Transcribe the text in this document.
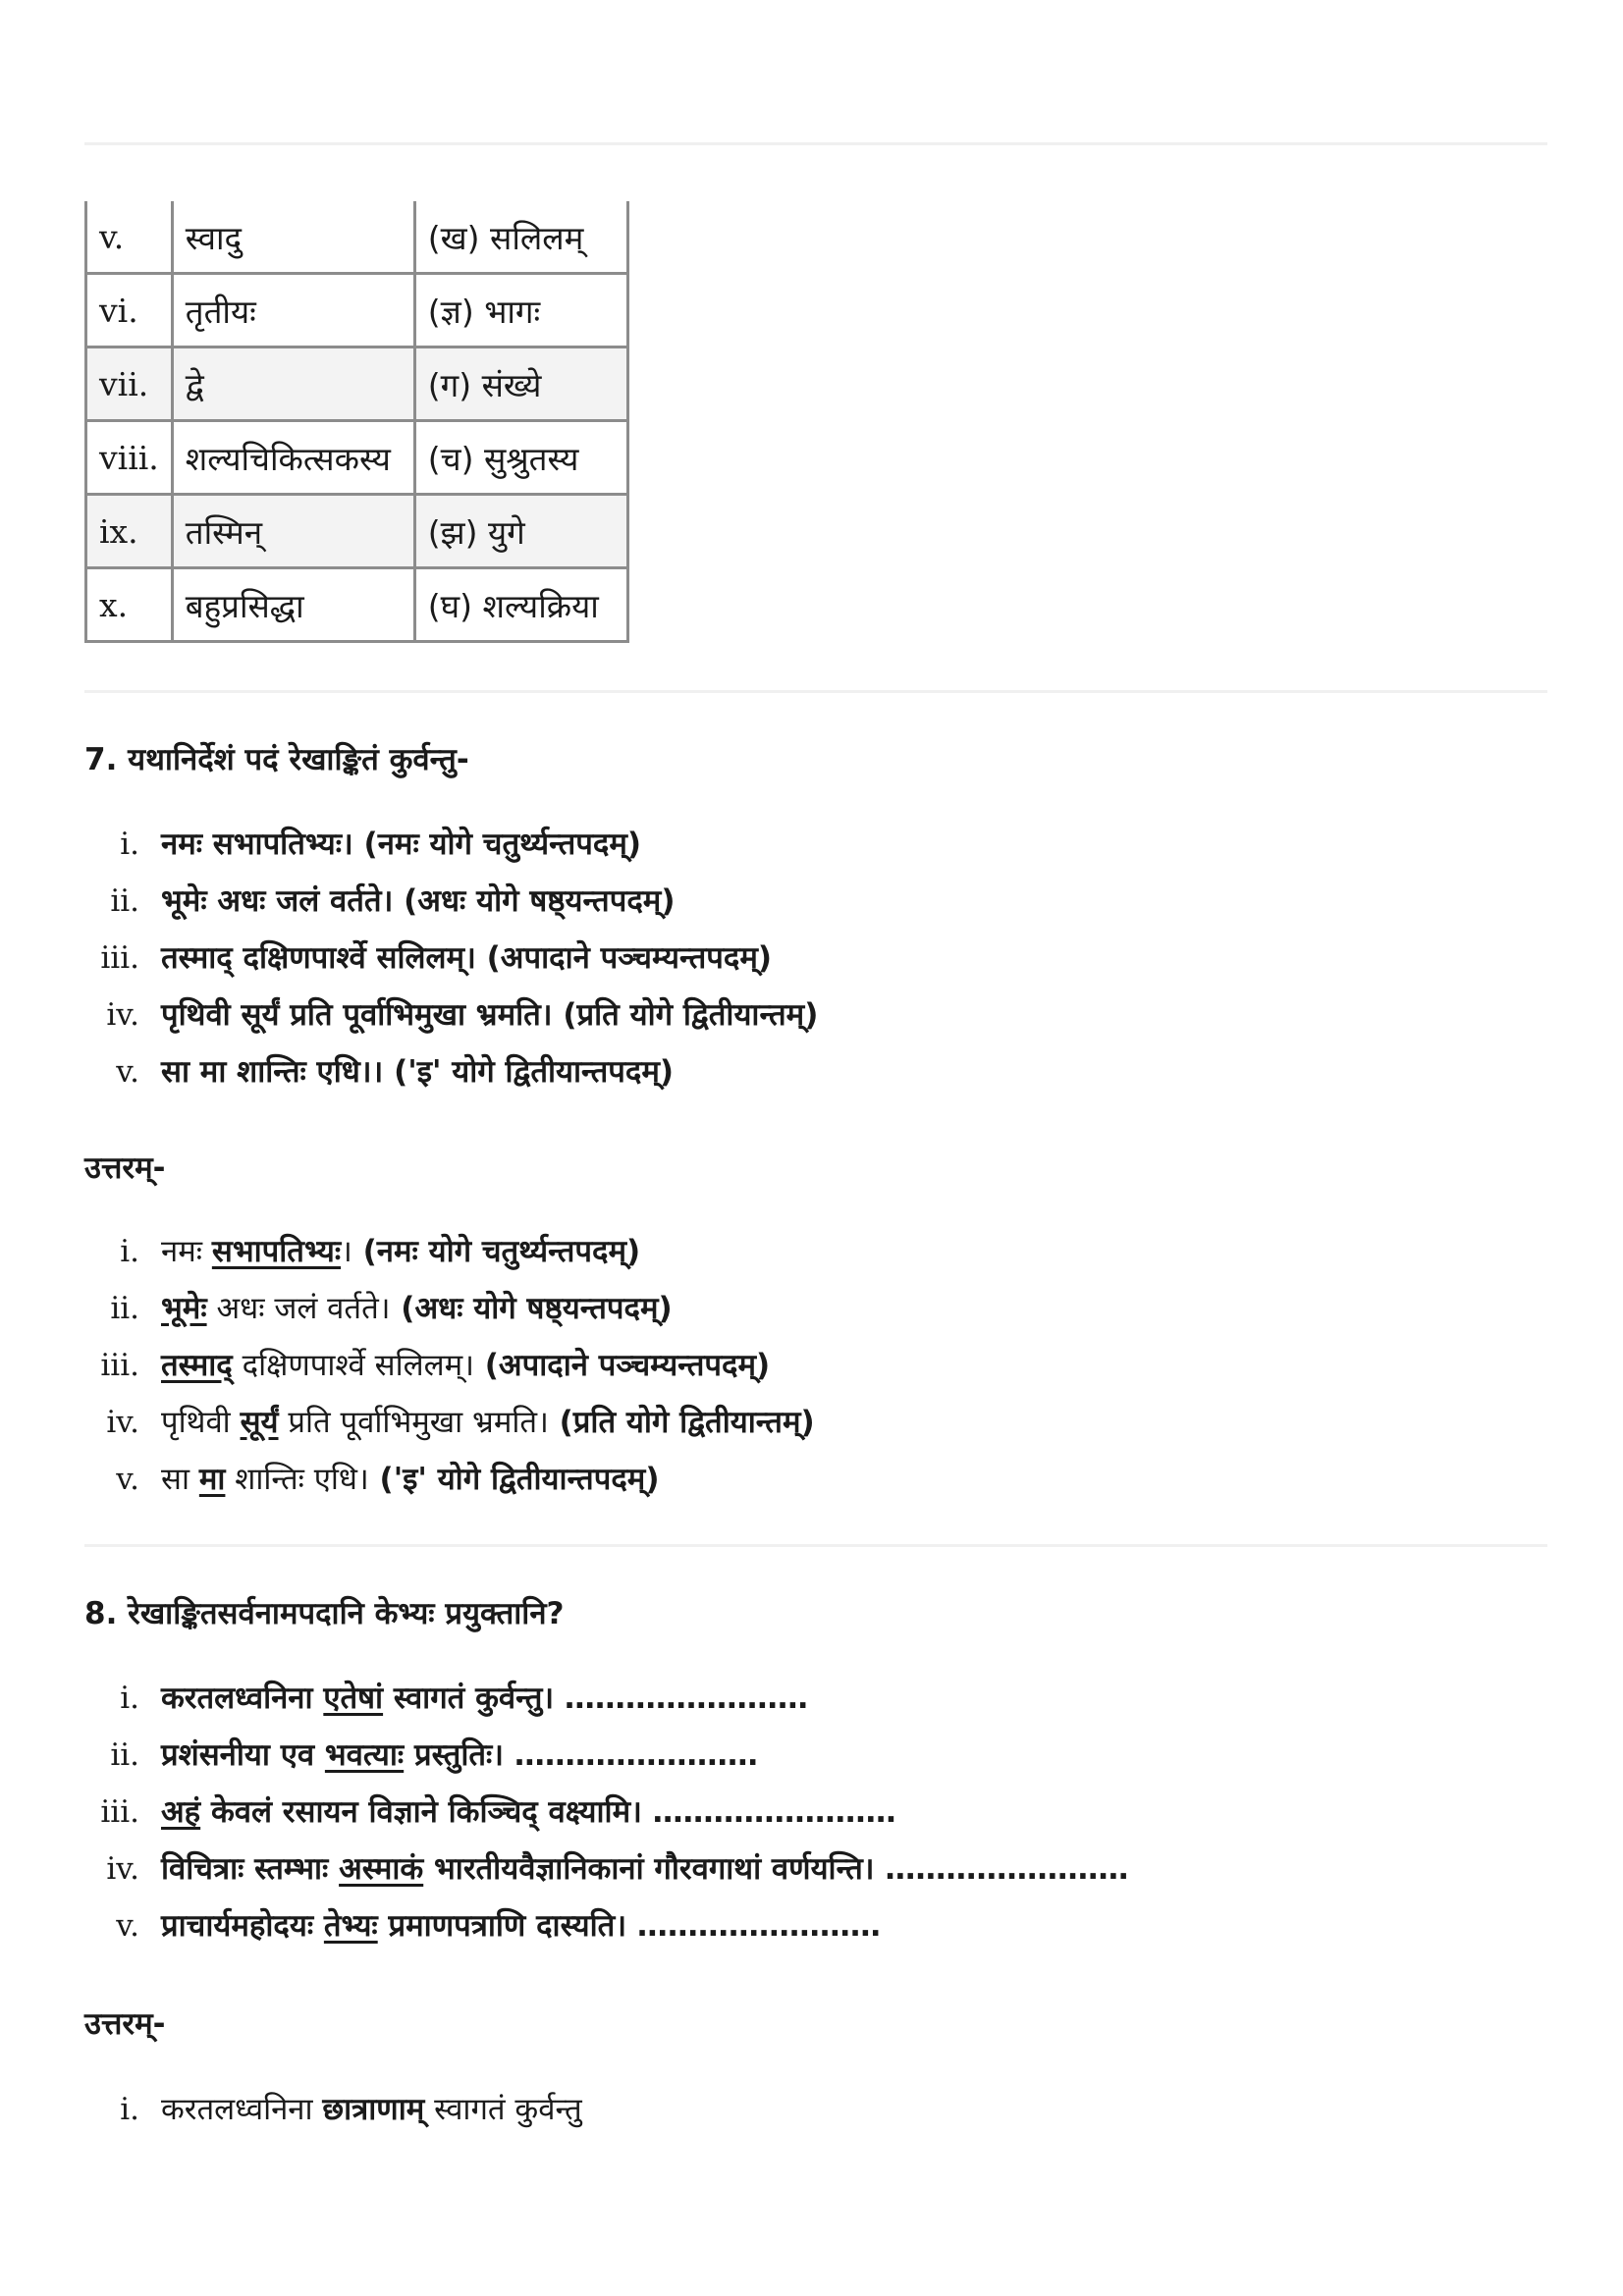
v.	स्वादु	(ख) सलिलम्
vi.	तृतीयः	(ज्ञ) भागः
vii.	द्वे	(ग) संख्ये
viii.	शल्यचिकित्सकस्य	(च) सुश्रुतस्य
ix.	तस्मिन्	(झ) युगे
x.	बहुप्रसिद्धा	(घ) शल्यक्रिया

7. यथानिर्देशं पदं रेखाङ्कितं कुर्वन्तु-

i. नमः सभापतिभ्यः। (नमः योगे चतुर्थ्यन्तपदम्)
ii. भूमेः अधः जलं वर्तते। (अधः योगे षष्ठ्यन्तपदम्)
iii. तस्माद् दक्षिणपार्श्वे सलिलम्। (अपादाने पञ्चम्यन्तपदम्)
iv. पृथिवी सूर्यं प्रति पूर्वाभिमुखा भ्रमति। (प्रति योगे द्वितीयान्तम्)
v. सा मा शान्तिः एधि।। ('इ' योगे द्वितीयान्तपदम्)

उत्तरम्-

i. नमः सभापतिभ्यः । (नमः योगे चतुर्थ्यन्तपदम्)
ii. भूमेः अधः जलं वर्तते। (अधः योगे षष्ठ्यन्तपदम्)
iii. तस्माद् दक्षिणपार्श्वे सलिलम्। (अपादाने पञ्चम्यन्तपदम्)
iv. पृथिवी सूर्यं प्रति पूर्वाभिमुखा भ्रमति। (प्रति योगे द्वितीयान्तम्)
v. सा मा शान्तिः एधि। ('इ' योगे द्वितीयान्तपदम्)

8. रेखाङ्कितसर्वनामपदानि केभ्यः प्रयुक्तानि?

i. करतलध्वनिना एतेषां स्वागतं कुर्वन्तु। ……………………
ii. प्रशंसनीया एव भवत्याः प्रस्तुतिः। ……………………
iii. अहं केवलं रसायन विज्ञाने किञ्चिद् वक्ष्यामि। ……………………
iv. विचित्राः स्तम्भाः अस्माकं भारतीयवैज्ञानिकानां गौरवगाथां वर्णयन्ति। ……………………
v. प्राचार्यमहोदयः तेभ्यः प्रमाणपत्राणि दास्यति। ……………………

उत्तरम्-

i. करतलध्वनिना छात्राणाम् स्वागतं कुर्वन्तु
